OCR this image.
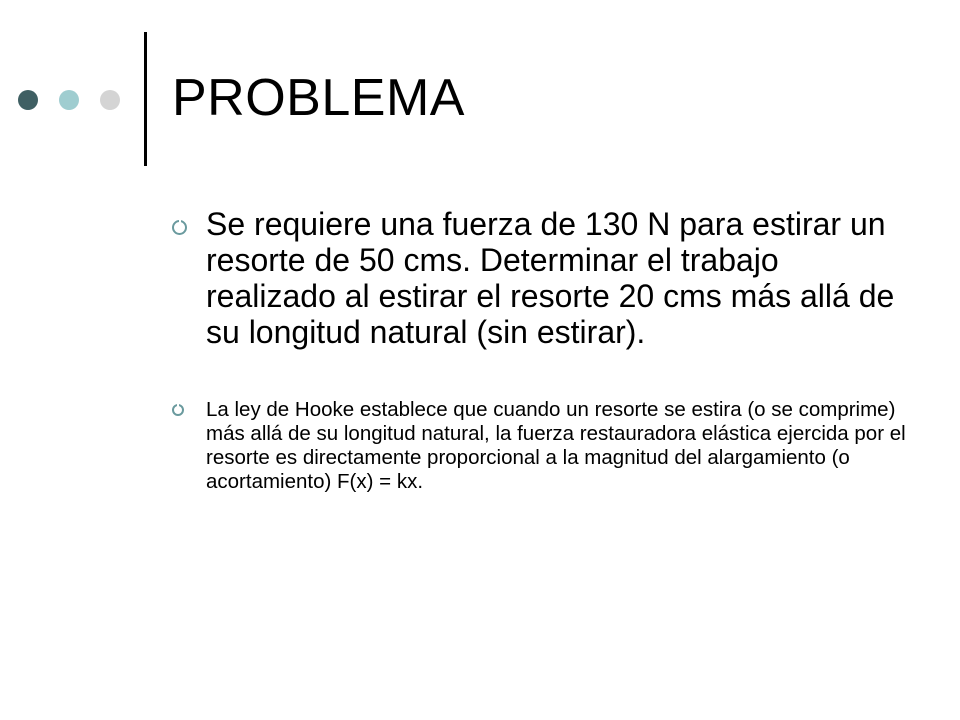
PROBLEMA
Se requiere una fuerza de 130 N para estirar un resorte de 50 cms. Determinar el trabajo realizado al estirar el resorte 20 cms más allá de su longitud natural (sin estirar).
La ley de Hooke establece que cuando un resorte se estira (o se comprime) más allá de su longitud natural, la fuerza restauradora elástica ejercida por el resorte es directamente proporcional a la magnitud del alargamiento (o acortamiento) F(x) = kx.
